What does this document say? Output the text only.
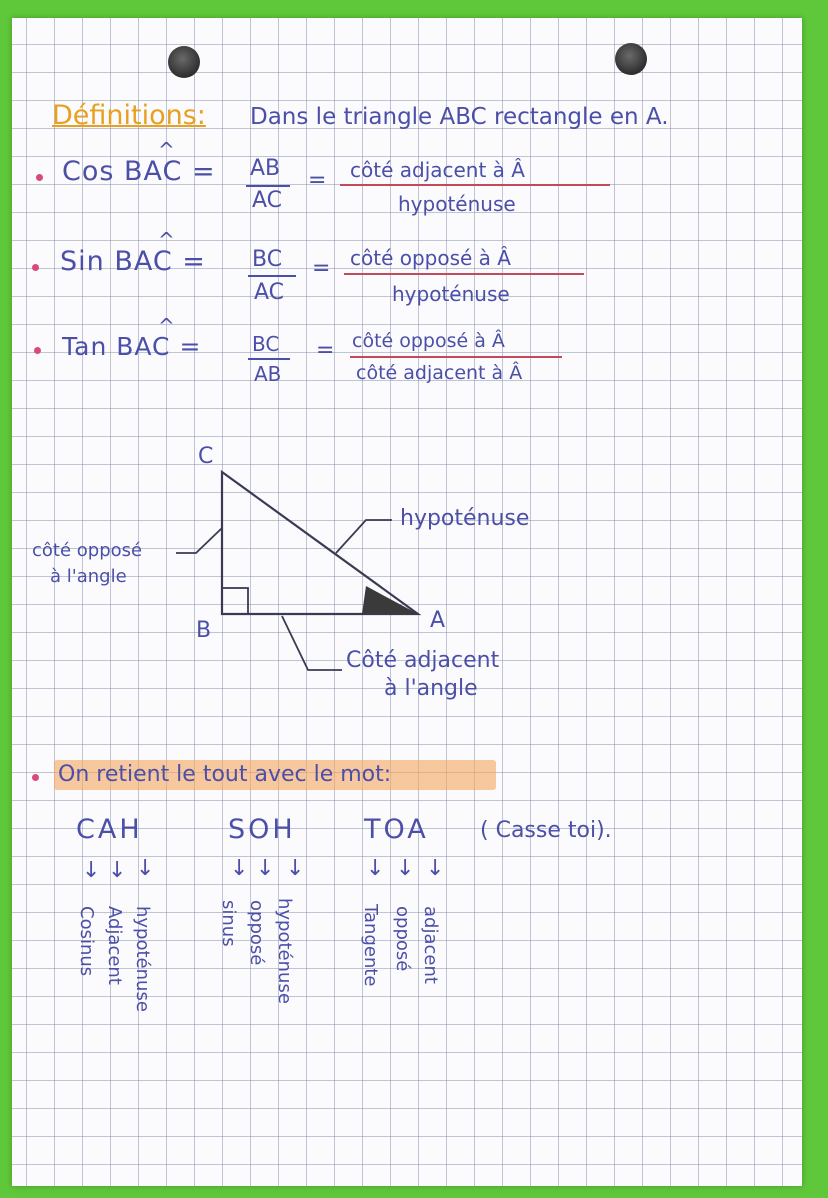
Définitions: Dans le triangle ABC rectangle en A.
Cos BAC =
^
AB
AC
= côté adjacent à Â
hypoténuse
Sin BAC =
^
BC
AC
= côté opposé à Â
hypoténuse
Tan BAC =
^
BC
AB
= côté opposé à Â
côté adjacent à Â
C
B	A
hypoténuse
côté opposé
à l'angle
Côté adjacent
à l'angle
On retient le tout avec le mot:
CAH	SOH	TOA ( Casse toi).
↓ ↓ ↓	↓ ↓ ↓	↓ ↓ ↓
Cosinus Adjacent hypoténuse	sinus opposé hypoténuse	Tangente opposé adjacent
